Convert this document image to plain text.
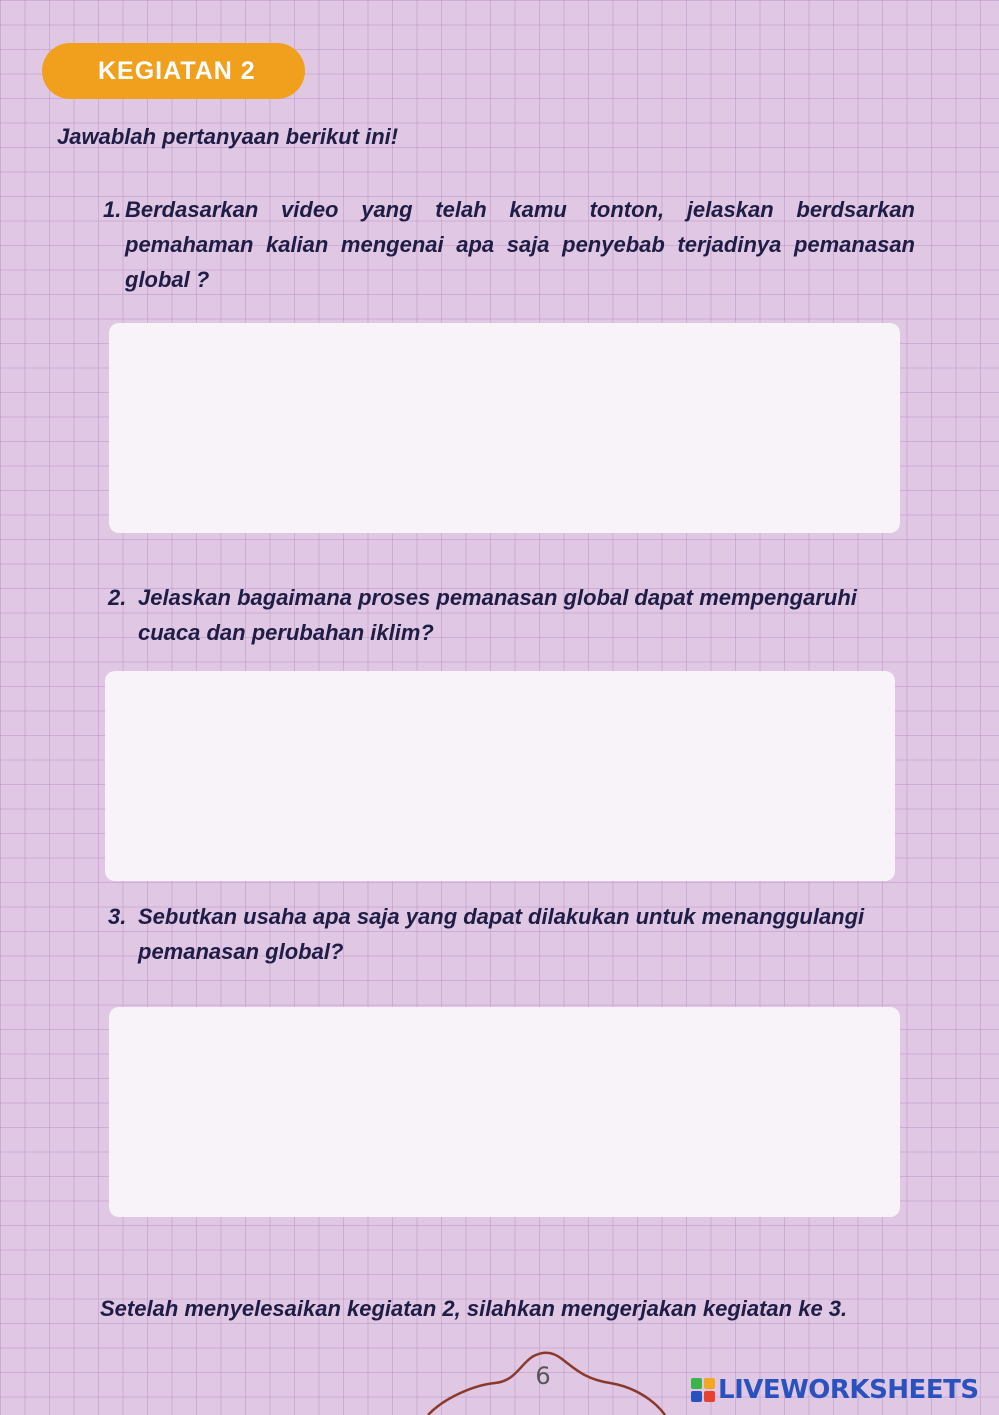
KEGIATAN 2
Jawablah pertanyaan berikut ini!
1. Berdasarkan video yang telah kamu tonton, jelaskan berdsarkan pemahaman kalian mengenai apa saja penyebab terjadinya pemanasan global ?
2. Jelaskan bagaimana proses pemanasan global dapat mempengaruhi cuaca dan perubahan iklim?
3. Sebutkan usaha apa saja yang dapat dilakukan untuk menanggulangi pemanasan global?
Setelah menyelesaikan kegiatan 2, silahkan mengerjakan kegiatan ke 3.
6	LIVEWORKSHEETS
